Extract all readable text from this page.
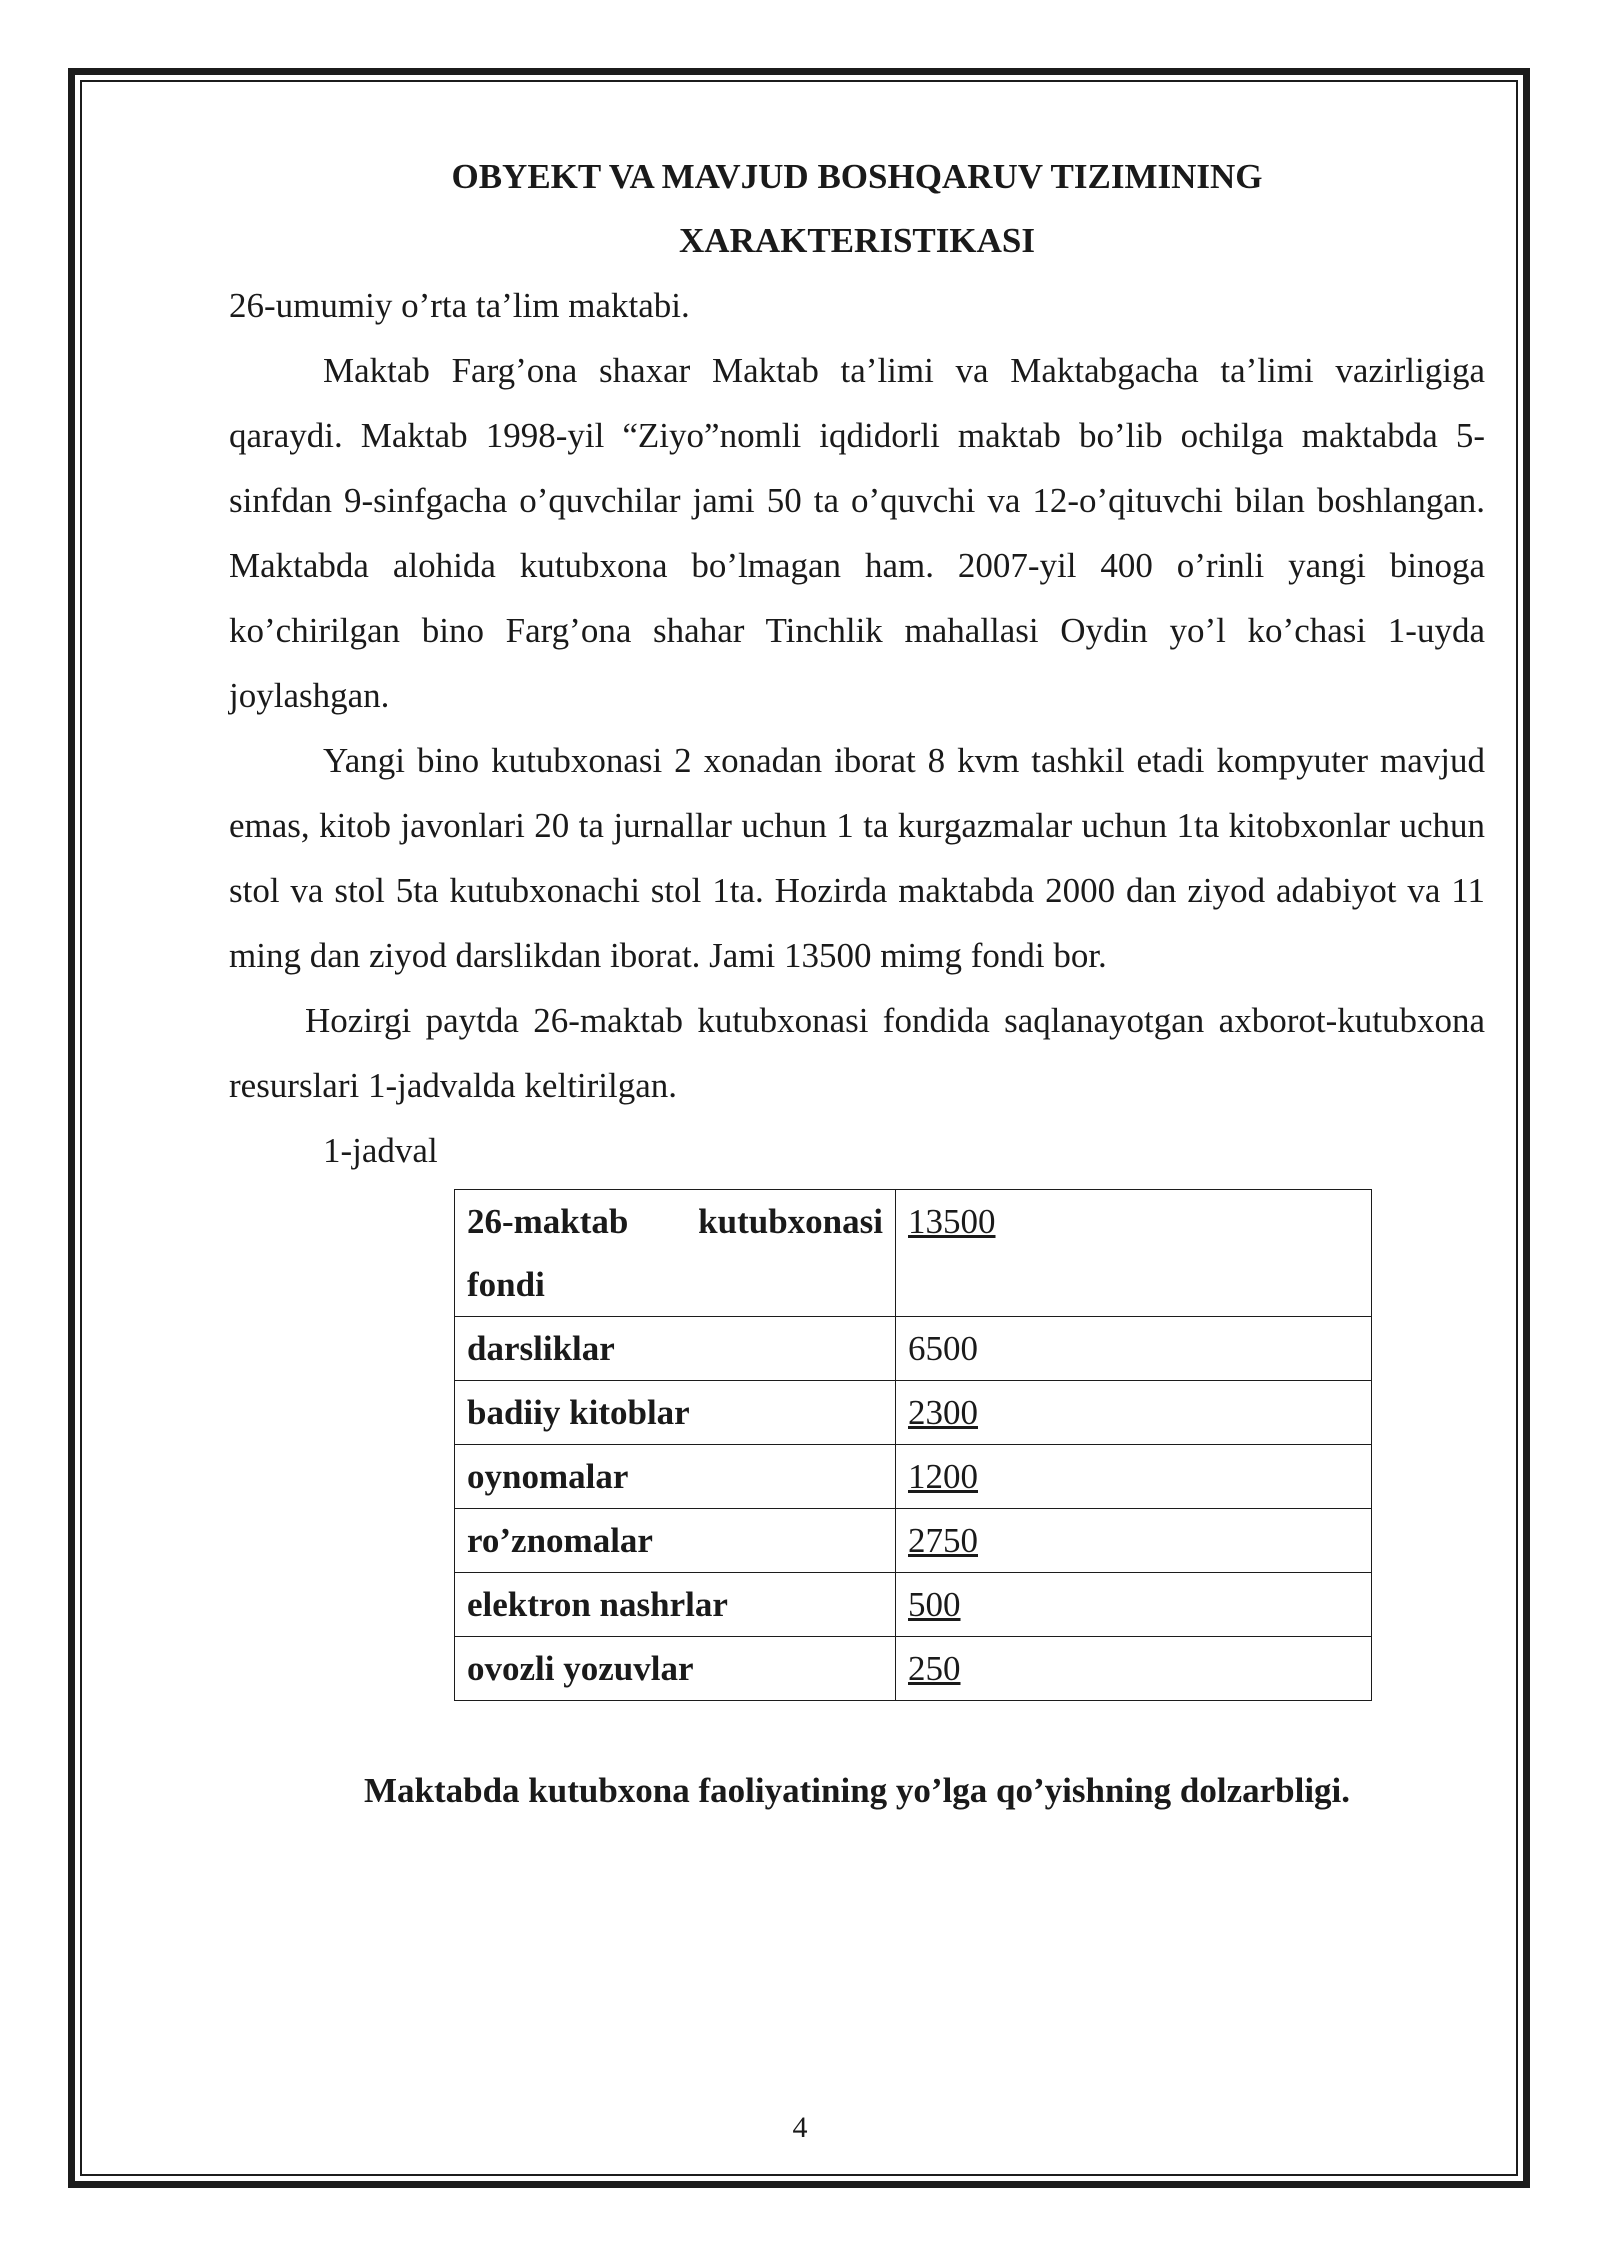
OBYEKT VA MAVJUD BOSHQARUV TIZIMINING
XARAKTERISTIKASI

26-umumiy o’rta ta’lim maktabi.

Maktab Farg’ona shaxar Maktab ta’limi va Maktabgacha ta’limi vazirligiga qaraydi. Maktab 1998-yil “Ziyo”nomli iqdidorli maktab bo’lib ochilga maktabda 5-sinfdan 9-sinfgacha o’quvchilar jami 50 ta o’quvchi va 12-o’qituvchi bilan boshlangan. Maktabda alohida kutubxona bo’lmagan ham. 2007-yil 400 o’rinli yangi binoga ko’chirilgan bino Farg’ona shahar Tinchlik mahallasi Oydin yo’l ko’chasi 1-uyda joylashgan.

Yangi bino kutubxonasi 2 xonadan iborat 8 kvm tashkil etadi kompyuter mavjud emas, kitob javonlari 20 ta jurnallar uchun 1 ta kurgazmalar uchun 1ta kitobxonlar uchun stol va stol 5ta kutubxonachi stol 1ta. Hozirda maktabda 2000 dan ziyod adabiyot va 11 ming dan ziyod darslikdan iborat. Jami 13500 mimg fondi bor.

Hozirgi paytda 26-maktab kutubxonasi fondida saqlanayotgan axborot-kutubxona resurslari 1-jadvalda keltirilgan.

1-jadval
26-maktab kutubxonasi fondi	13500
darsliklar	6500
badiiy kitoblar	2300
oynomalar	1200
ro’znomalar	2750
elektron nashrlar	500
ovozli yozuvlar	250
Maktabda kutubxona faoliyatining yo’lga qo’yishning dolzarbligi.
4
